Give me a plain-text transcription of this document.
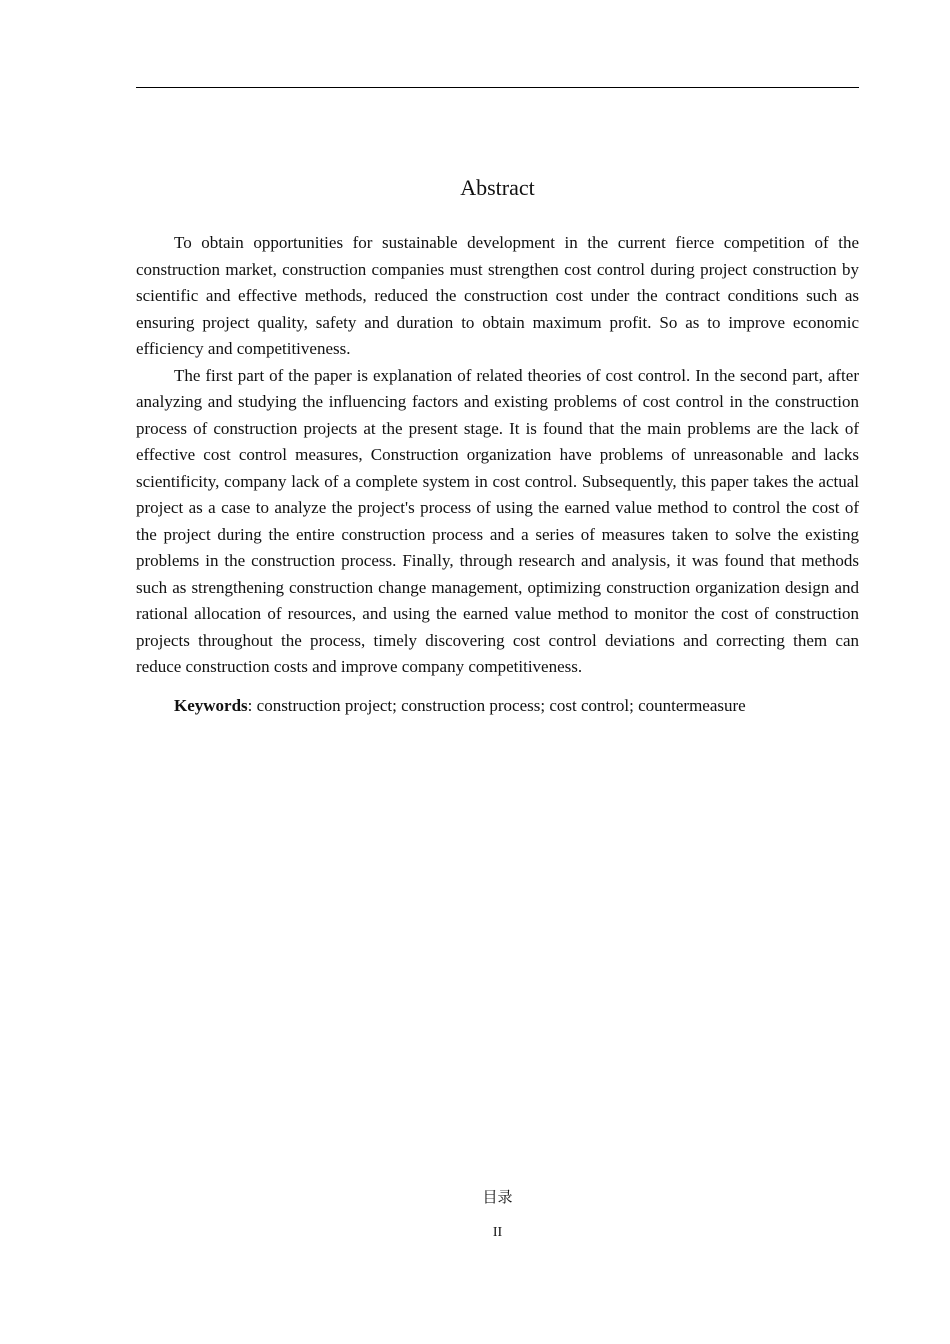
Abstract

To obtain opportunities for sustainable development in the current fierce competition of the construction market, construction companies must strengthen cost control during project construction by scientific and effective methods, reduced the construction cost under the contract conditions such as ensuring project quality, safety and duration to obtain maximum profit. So as to improve economic efficiency and competitiveness.

The first part of the paper is explanation of related theories of cost control. In the second part, after analyzing and studying the influencing factors and existing problems of cost control in the construction process of construction projects at the present stage. It is found that the main problems are the lack of effective cost control measures, Construction organization have problems of unreasonable and lacks scientificity, company lack of a complete system in cost control. Subsequently, this paper takes the actual project as a case to analyze the project's process of using the earned value method to control the cost of the project during the entire construction process and a series of measures taken to solve the existing problems in the construction process. Finally, through research and analysis, it was found that methods such as strengthening construction change management, optimizing construction organization design and rational allocation of resources, and using the earned value method to monitor the cost of construction projects throughout the process, timely discovering cost control deviations and correcting them can reduce construction costs and improve company competitiveness.

Keywords: construction project; construction process; cost control; countermeasure

目录
II
